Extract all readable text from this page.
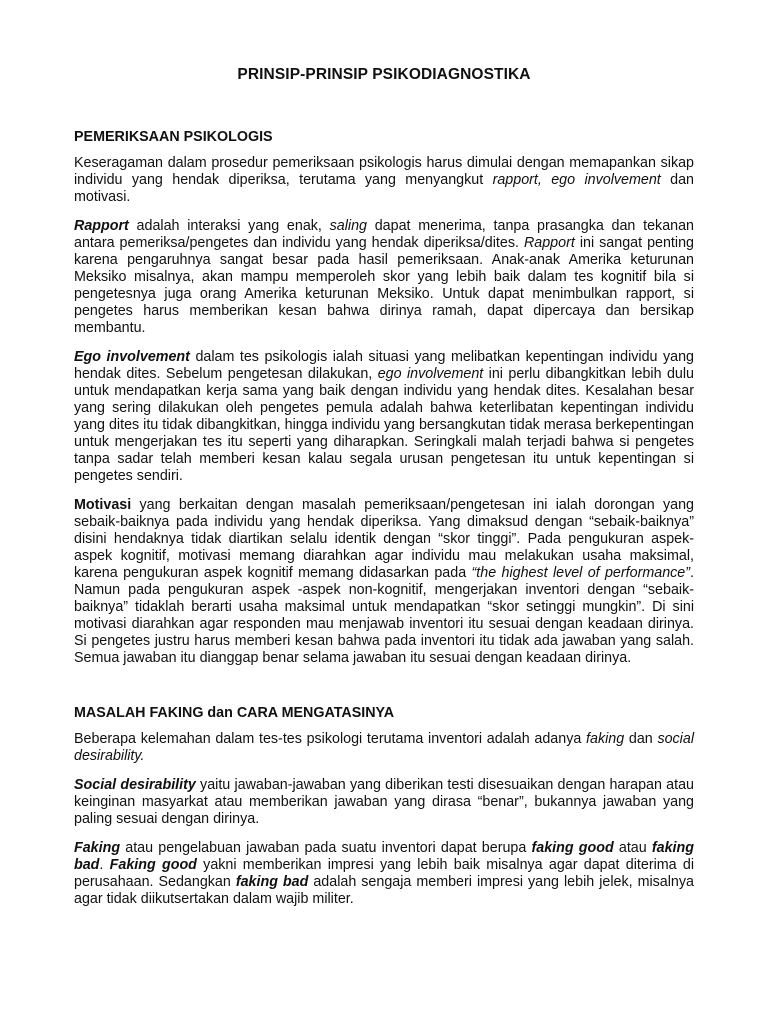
PRINSIP-PRINSIP PSIKODIAGNOSTIKA
PEMERIKSAAN PSIKOLOGIS

Keseragaman dalam prosedur pemeriksaan psikologis harus dimulai dengan memapankan sikap individu yang hendak diperiksa, terutama yang menyangkut rapport, ego involvement dan motivasi.

Rapport adalah interaksi yang enak, saling dapat menerima, tanpa prasangka dan tekanan antara pemeriksa/pengetes dan individu yang hendak diperiksa/dites. Rapport ini sangat penting karena pengaruhnya sangat besar pada hasil pemeriksaan. Anak-anak Amerika keturunan Meksiko misalnya, akan mampu memperoleh skor yang lebih baik dalam tes kognitif bila si pengetesnya juga orang Amerika keturunan Meksiko. Untuk dapat menimbulkan rapport, si pengetes harus memberikan kesan bahwa dirinya ramah, dapat dipercaya dan bersikap membantu.

Ego involvement dalam tes psikologis ialah situasi yang melibatkan kepentingan individu yang hendak dites. Sebelum pengetesan dilakukan, ego involvement ini perlu dibangkitkan lebih dulu untuk mendapatkan kerja sama yang baik dengan individu yang hendak dites. Kesalahan besar yang sering dilakukan oleh pengetes pemula adalah bahwa keterlibatan kepentingan individu yang dites itu tidak dibangkitkan, hingga individu yang bersangkutan tidak merasa berkepentingan untuk mengerjakan tes itu seperti yang diharapkan. Seringkali malah terjadi bahwa si pengetes tanpa sadar telah memberi kesan kalau segala urusan pengetesan itu untuk kepentingan si pengetes sendiri.

Motivasi yang berkaitan dengan masalah pemeriksaan/pengetesan ini ialah dorongan yang sebaik-baiknya pada individu yang hendak diperiksa. Yang dimaksud dengan “sebaik-baiknya” disini hendaknya tidak diartikan selalu identik dengan “skor tinggi”. Pada pengukuran aspek-aspek kognitif, motivasi memang diarahkan agar individu mau melakukan usaha maksimal, karena pengukuran aspek kognitif memang didasarkan pada “the highest level of performance”. Namun pada pengukuran aspek -aspek non-kognitif, mengerjakan inventori dengan “sebaik-baiknya” tidaklah berarti usaha maksimal untuk mendapatkan “skor setinggi mungkin”. Di sini motivasi diarahkan agar responden mau menjawab inventori itu sesuai dengan keadaan dirinya. Si pengetes justru harus memberi kesan bahwa pada inventori itu tidak ada jawaban yang salah. Semua jawaban itu dianggap benar selama jawaban itu sesuai dengan keadaan dirinya.

MASALAH FAKING dan CARA MENGATASINYA

Beberapa kelemahan dalam tes-tes psikologi terutama inventori adalah adanya faking dan social desirability.

Social desirability yaitu jawaban-jawaban yang diberikan testi disesuaikan dengan harapan atau keinginan masyarkat atau memberikan jawaban yang dirasa “benar”, bukannya jawaban yang paling sesuai dengan dirinya.

Faking atau pengelabuan jawaban pada suatu inventori dapat berupa faking good atau faking bad. Faking good yakni memberikan impresi yang lebih baik misalnya agar dapat diterima di perusahaan. Sedangkan faking bad adalah sengaja memberi impresi yang lebih jelek, misalnya agar tidak diikutsertakan dalam wajib militer.
